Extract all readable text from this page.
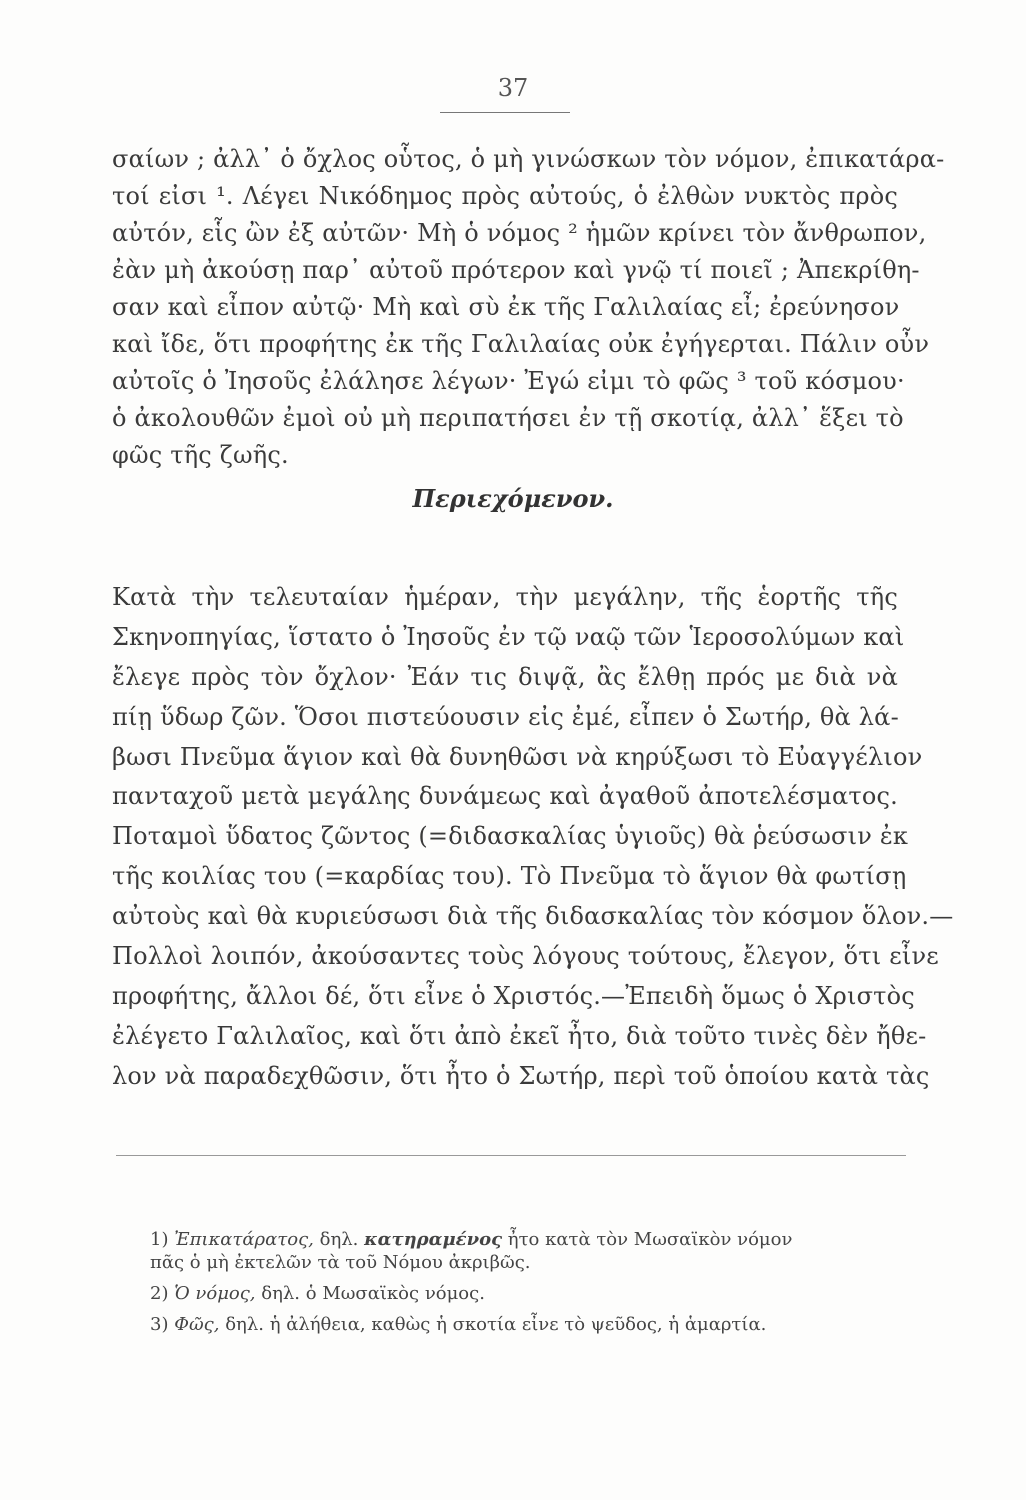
37
σαίων ; ἀλλ᾽ ὁ ὄχλος οὗτος, ὁ μὴ γινώσκων τὸν νόμον, ἐπικατάρα-
τοί εἰσι ¹. Λέγει Νικόδημος πρὸς αὐτούς, ὁ ἐλθὼν νυκτὸς πρὸς
αὐτόν, εἷς ὢν ἐξ αὐτῶν· Μὴ ὁ νόμος ² ἡμῶν κρίνει τὸν ἄνθρωπον,
ἐὰν μὴ ἀκούσῃ παρ᾽ αὐτοῦ πρότερον καὶ γνῷ τί ποιεῖ ; Ἀπεκρίθη-
σαν καὶ εἶπον αὐτῷ· Μὴ καὶ σὺ ἐκ τῆς Γαλιλαίας εἶ; ἐρεύνησον
καὶ ἴδε, ὅτι προφήτης ἐκ τῆς Γαλιλαίας οὐκ ἐγήγερται. Πάλιν οὖν
αὐτοῖς ὁ Ἰησοῦς ἐλάλησε λέγων· Ἐγώ εἰμι τὸ φῶς ³ τοῦ κόσμου·
ὁ ἀκολουθῶν ἐμοὶ οὐ μὴ περιπατήσει ἐν τῇ σκοτίᾳ, ἀλλ᾽ ἕξει τὸ
φῶς τῆς ζωῆς.
Περιεχόμενον.
Κατὰ τὴν τελευταίαν ἡμέραν, τὴν μεγάλην, τῆς ἑορτῆς τῆς
Σκηνοπηγίας, ἵστατο ὁ Ἰησοῦς ἐν τῷ ναῷ τῶν Ἱεροσολύμων καὶ
ἔλεγε πρὸς τὸν ὄχλον· Ἐάν τις διψᾷ, ἂς ἔλθῃ πρός με διὰ νὰ
πίῃ ὕδωρ ζῶν. Ὅσοι πιστεύουσιν εἰς ἐμέ, εἶπεν ὁ Σωτήρ, θὰ λά-
βωσι Πνεῦμα ἅγιον καὶ θὰ δυνηθῶσι νὰ κηρύξωσι τὸ Εὐαγγέλιον
πανταχοῦ μετὰ μεγάλης δυνάμεως καὶ ἀγαθοῦ ἀποτελέσματος.
Ποταμοὶ ὕδατος ζῶντος (=διδασκαλίας ὑγιοῦς) θὰ ῥεύσωσιν ἐκ
τῆς κοιλίας του (=καρδίας του). Τὸ Πνεῦμα τὸ ἅγιον θὰ φωτίσῃ
αὐτοὺς καὶ θὰ κυριεύσωσι διὰ τῆς διδασκαλίας τὸν κόσμον ὅλον.—
Πολλοὶ λοιπόν, ἀκούσαντες τοὺς λόγους τούτους, ἔλεγον, ὅτι εἶνε
προφήτης, ἄλλοι δέ, ὅτι εἶνε ὁ Χριστός.—Ἐπειδὴ ὅμως ὁ Χριστὸς
ἐλέγετο Γαλιλαῖος, καὶ ὅτι ἀπὸ ἐκεῖ ἦτο, διὰ τοῦτο τινὲς δὲν ἤθε-
λον νὰ παραδεχθῶσιν, ὅτι ἦτο ὁ Σωτήρ, περὶ τοῦ ὁποίου κατὰ τὰς
1) Ἐπικατάρατος, δηλ. κατηραμένος ἦτο κατὰ τὸν Μωσαϊκὸν νόμον
πᾶς ὁ μὴ ἐκτελῶν τὰ τοῦ Νόμου ἀκριβῶς.
2) Ὁ νόμος, δηλ. ὁ Μωσαϊκὸς νόμος.
3) Φῶς, δηλ. ἡ ἀλήθεια, καθὼς ἡ σκοτία εἶνε τὸ ψεῦδος, ἡ ἁμαρτία.
